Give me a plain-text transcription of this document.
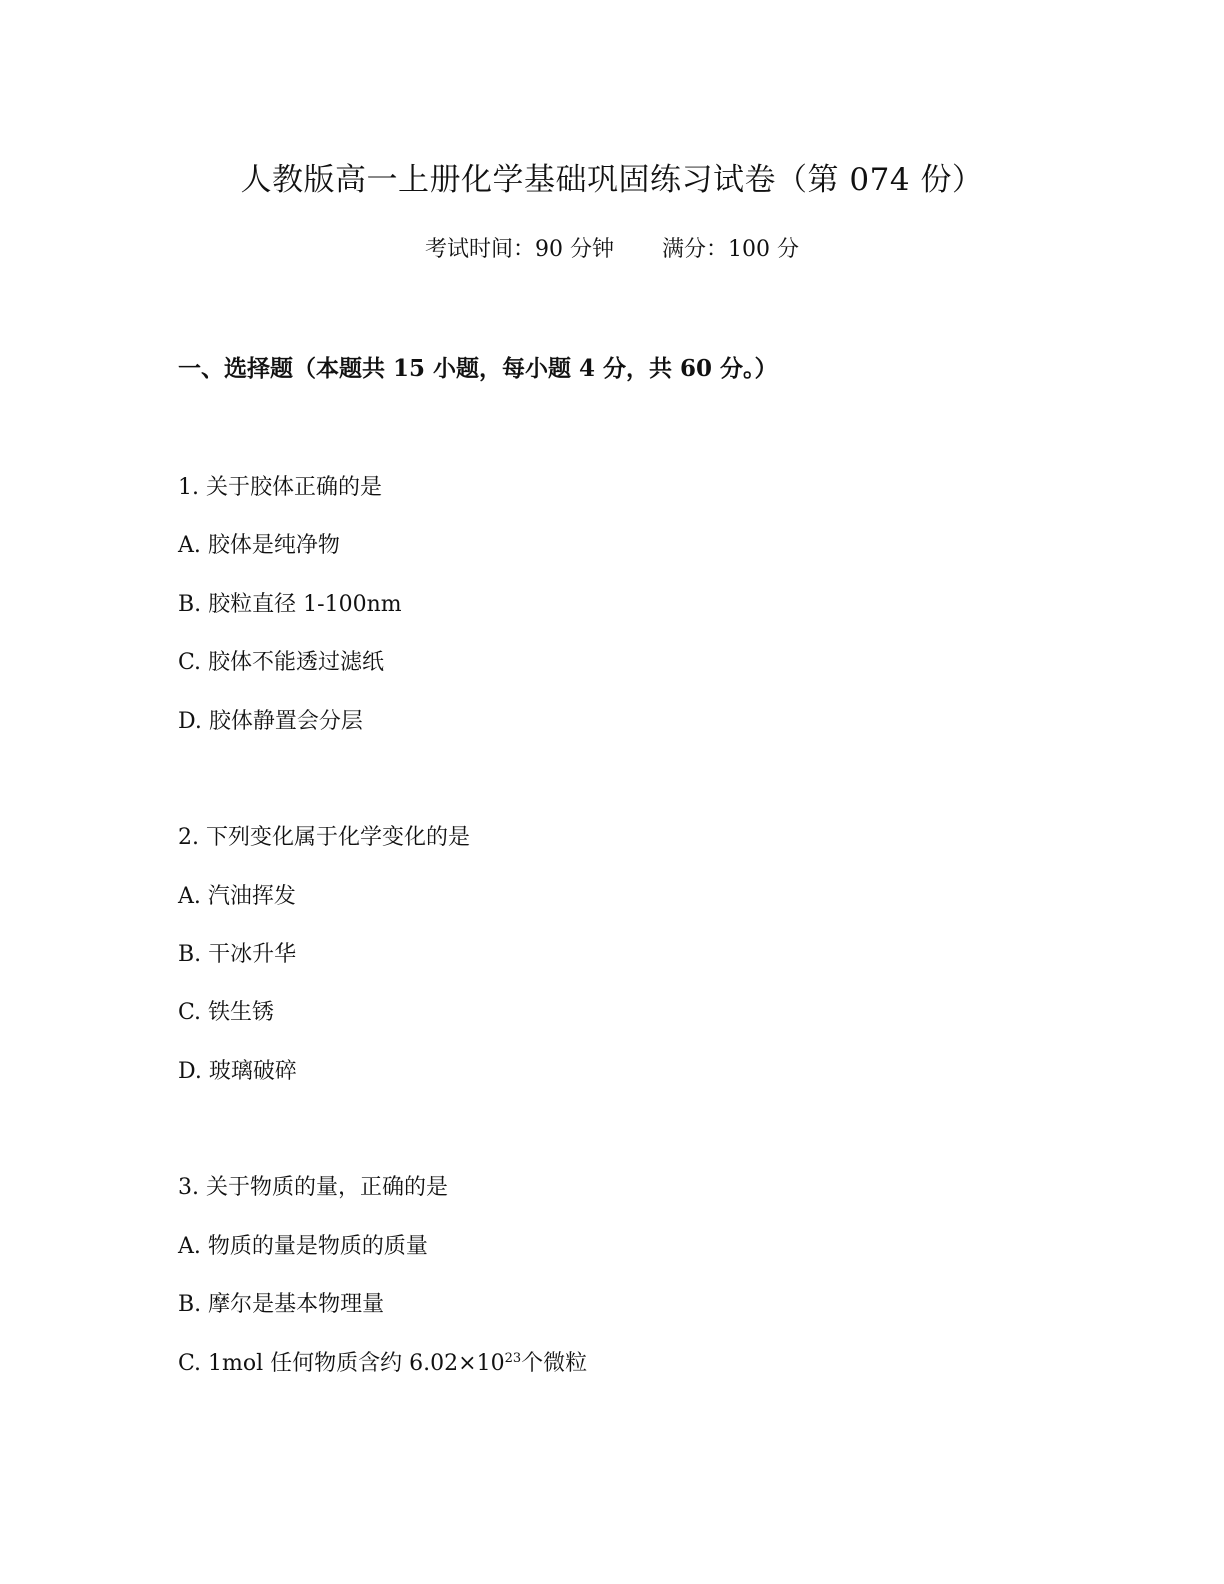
人教版高一上册化学基础巩固练习试卷（第 074 份）
考试时间：90 分钟 满分：100 分
一、选择题（本题共 15 小题，每小题 4 分，共 60 分。）
1. 关于胶体正确的是
A. 胶体是纯净物
B. 胶粒直径 1-100nm
C. 胶体不能透过滤纸
D. 胶体静置会分层
2. 下列变化属于化学变化的是
A. 汽油挥发
B. 干冰升华
C. 铁生锈
D. 玻璃破碎
3. 关于物质的量，正确的是
A. 物质的量是物质的质量
B. 摩尔是基本物理量
C. 1mol 任何物质含约 $6.02\times 10^{23}$个微粒
